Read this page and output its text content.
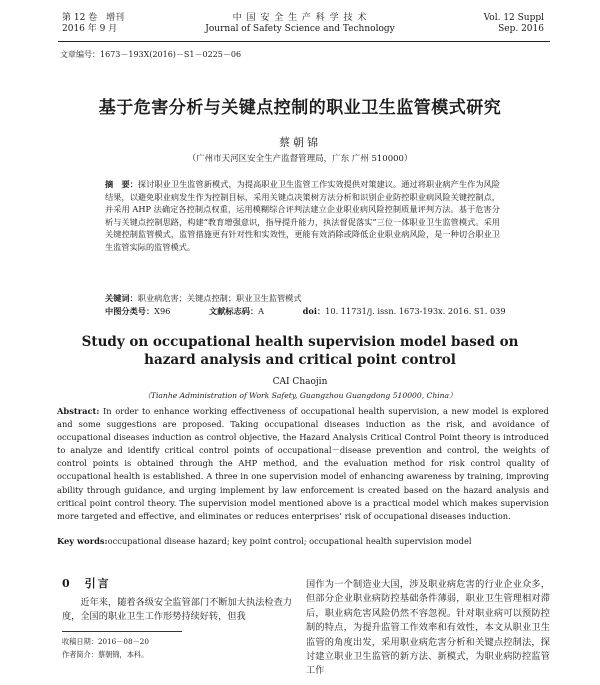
第 12 卷　增刊
2016 年 9 月
中 国 安 全 生 产 科 学 技 术
Journal of Safety Science and Technology
Vol. 12 Suppl
Sep. 2016
文章编号：1673－193X(2016)－S1－0225－06
基于危害分析与关键点控制的职业卫生监管模式研究
蔡朝锦
（广州市天河区安全生产监督管理局，广东 广州 510000）
摘　要：探讨职业卫生监管新模式，为提高职业卫生监管工作实效提供对策建议。通过将职业病产生作为风险结果，以避免职业病发生作为控制目标，采用关键点决策树方法分析和识别企业防控职业病风险关键控制点，并采用 AHP 法确定各控制点权重，运用模糊综合评判法建立企业职业病风险控制质量评判方法。基于危害分析与关键点控制思路，构建“教育增强意识，指导提升能力，执法督促落实”三位一体职业卫生监管模式。采用关键控制监管模式，监管措施更有针对性和实效性，更能有效消除或降低企业职业病风险，是一种切合职业卫生监管实际的监管模式。
关键词：职业病危害；关键点控制；职业卫生监管模式
中图分类号：X96	文献标志码：A	doi：10. 11731/j. issn. 1673-193x. 2016. S1. 039
Study on occupational health supervision model based on
hazard analysis and critical point control
CAI Chaojin
（Tianhe Administration of Work Safety, Guangzhou Guangdong 510000, China）
Abstract: In order to enhance working effectiveness of occupational health supervision, a new model is explored and some suggestions are proposed. Taking occupational diseases induction as the risk, and avoidance of occupational diseases induction as control objective, the Hazard Analysis Critical Control Point theory is introduced to analyze and identify critical control points of occupational－disease prevention and control, the weights of control points is obtained through the AHP method, and the evaluation method for risk control quality of occupational health is established. A three in one supervision model of enhancing awareness by training, improving ability through guidance, and urging implement by law enforcement is created based on the hazard analysis and critical point control theory. The supervision model mentioned above is a practical model which makes supervision more targeted and effective, and eliminates or reduces enterprises’ risk of occupational diseases induction.
Key words:occupational disease hazard; key point control; occupational health supervision model
0　引言
近年来，随着各级安全监管部门不断加大执法检查力度，全国的职业卫生工作形势持续好转，但我
收稿日期：2016－08－20
作者简介：蔡朝锦，本科。
国作为一个制造业大国，涉及职业病危害的行业企业众多，但部分企业职业病防控基础条件薄弱，职业卫生管理相对滞后，职业病危害风险仍然不容忽视。针对职业病可以预防控制的特点，为提升监管工作效率和有效性，本文从职业卫生监管的角度出发，采用职业病危害分析和关键点控制法，探讨建立职业卫生监管的新方法、新模式，为职业病防控监管工作
